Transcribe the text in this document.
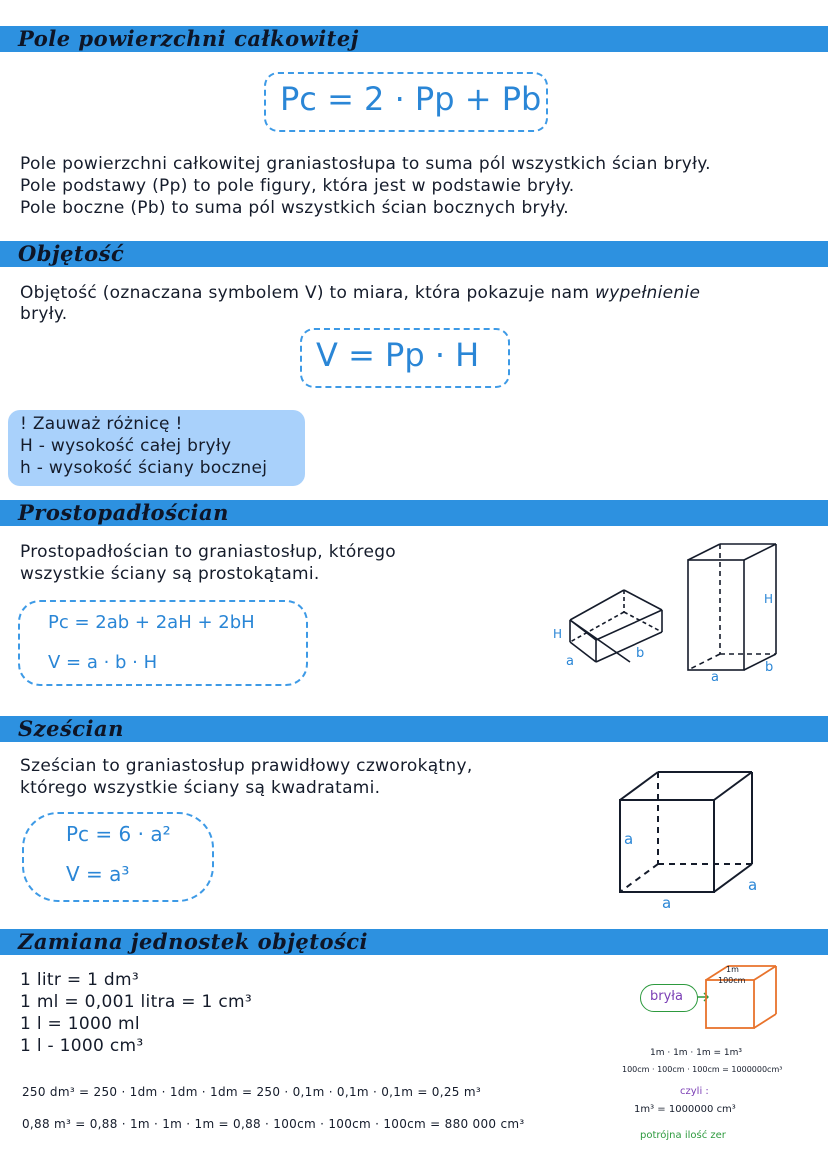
Pole powierzchni całkowitej
Pc = 2 · Pp + Pb
Pole powierzchni całkowitej graniastosłupa to suma pól wszystkich ścian bryły.
Pole podstawy (Pp) to pole figury, która jest w podstawie bryły.
Pole boczne (Pb) to suma pól wszystkich ścian bocznych bryły.
Objętość
Objętość (oznaczana symbolem V) to miara, która pokazuje nam wypełnienie
bryły.
V = Pp · H
! Zauważ różnicę !
H - wysokość całej bryły
h - wysokość ściany bocznej
Prostopadłościan
Prostopadłościan to graniastosłup, którego
wszystkie ściany są prostokątami.
Pc = 2ab + 2aH + 2bH
V = a · b · H
H
a
b
H
a
b
Sześcian
Sześcian to graniastosłup prawidłowy czworokątny,
którego wszystkie ściany są kwadratami.
Pc = 6 · a²
V = a³
a
a
a
Zamiana jednostek objętości
1 litr = 1 dm³
1 ml = 0,001 litra = 1 cm³
1 l = 1000 ml
1 l - 1000 cm³
250 dm³ = 250 · 1dm · 1dm · 1dm = 250 · 0,1m · 0,1m · 0,1m = 0,25 m³
0,88 m³ = 0,88 · 1m · 1m · 1m = 0,88 · 100cm · 100cm · 100cm = 880 000 cm³
bryła
1m
100cm
1m · 1m · 1m = 1m³
100cm · 100cm · 100cm = 1000000cm³
czyli :
1m³ = 1000000 cm³
potrójna ilość zer
